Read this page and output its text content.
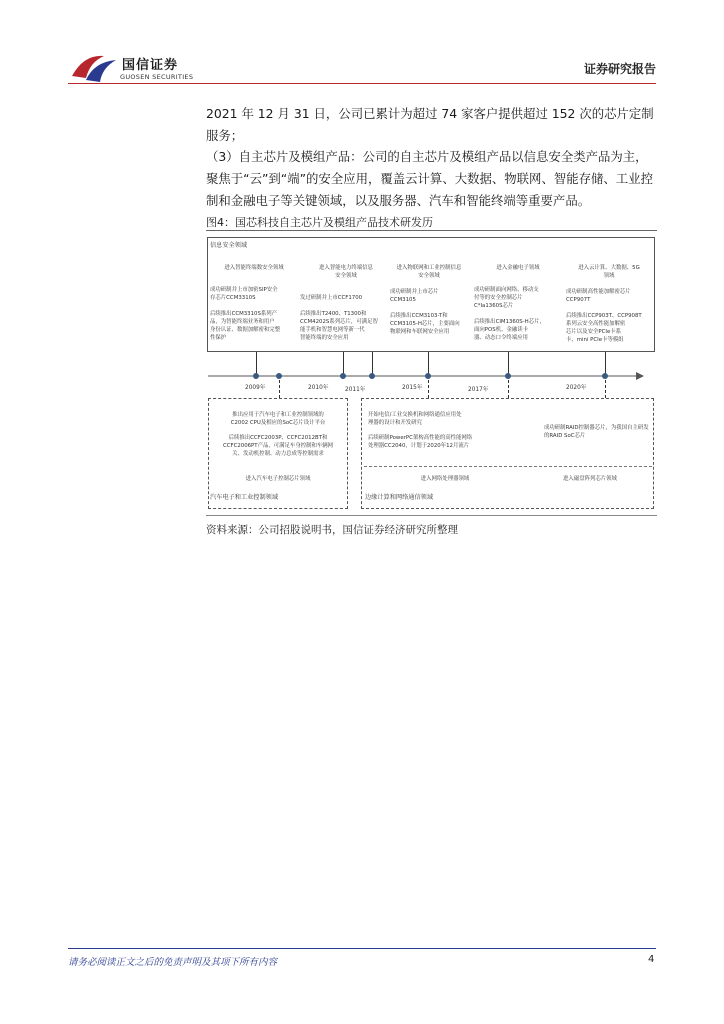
国信证券
GUOSEN SECURITIES
证券研究报告
2021 年 12 月 31 日，公司已累计为超过 74 家客户提供超过 152 次的芯片定制服务；
（3）自主芯片及模组产品：公司的自主芯片及模组产品以信息安全类产品为主，聚焦于“云”到“端”的安全应用，覆盖云计算、大数据、物联网、智能存储、工业控制和金融电子等关键领域，以及服务器、汽车和智能终端等重要产品。
图4：国芯科技自主芯片及模组产品技术研发历
信息安全领域
进入智能终端数安全领域
成功研制并上市加密SIP安全
存芯片CCM3310S

后续推出CCM3310S系列产
品，为智能终端业务和用户
身份认证、数据加解密和完整
性保护
进入智能电力终端信息
安全领域
发过研制并上市CCF1700

后续推出T2400、T1300和
CCM4202S系列芯片，可满足智
能手机和智慧电网等新一代
智能终端的安全应用
进入物联网和工业控制信息
安全领域
成功研制并上市芯片
CCM3105

后续推出CCM3103-T和
CCM3105-H芯片，主要面向
物联网和车联网安全应用
进入金融电子领域
成功研制面向网络、移动支
付等的安全控制芯片
C*Ia1360S芯片

后续推出CIM1360S-H芯片，
面向POS机、金融读卡
器、动态口令终端应用
进入云计算、大数据、5G
领域
成功研制高性能加解密芯片
CCP907T

后续推出CCP903T、CCP908T
系列云安全高性能加解密
芯片以及安全PCIe卡系
卡、mini PCIe卡等模组
2009年	2010年	2011年	2015年	2017年	2020年
推出应用于汽车电子和工业控制领域的
C2002 CPU及相应的SoC芯片设计平台
后续推出CCFC2003P、CCFC2012BT和
CCFC2006PT产品，可满足车身控制和车辆网
关、发动机控制、动力总成等控制需求
进入汽车电子控制芯片领域
汽车电子和工业控制领域
开始电信/工业交换机和网络通信应用处
理器的设计和开发研究
后续研制PowerPC架构高性能的高性能网络
处理器CC2040，计划于2020年12月流片
成功研制RAID控制器芯片，为我国自主研发
的RAID SoC芯片
进入网络处理器领域	进入磁盘阵列芯片领域
边缘计算和网络通信领域
资料来源：公司招股说明书，国信证券经济研究所整理
请务必阅读正文之后的免责声明及其项下所有内容	4
